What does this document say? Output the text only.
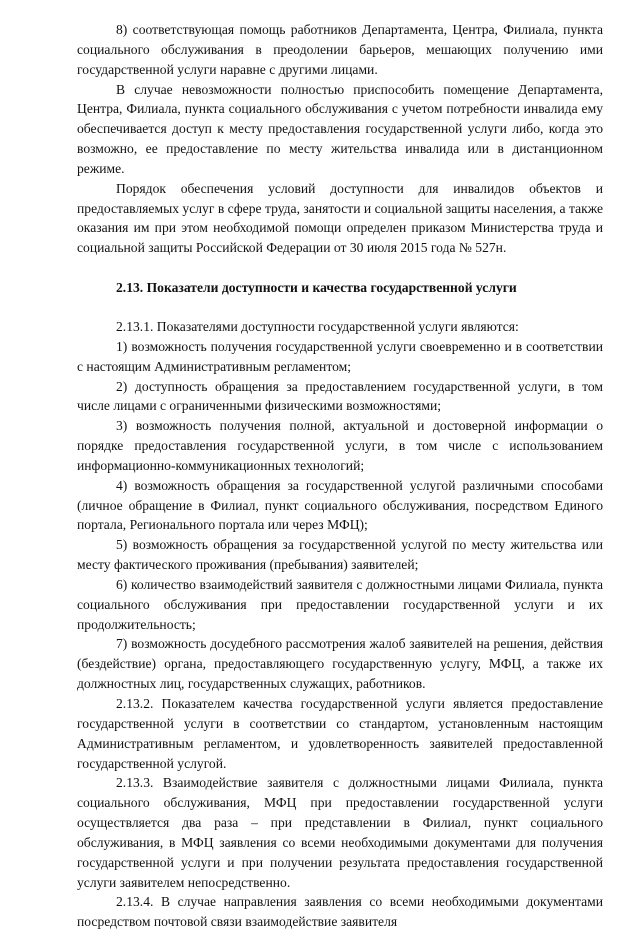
8) соответствующая помощь работников Департамента, Центра, Филиала, пункта социального обслуживания в преодолении барьеров, мешающих получению ими государственной услуги наравне с другими лицами.

В случае невозможности полностью приспособить помещение Департамента, Центра, Филиала, пункта социального обслуживания с учетом потребности инвалида ему обеспечивается доступ к месту предоставления государственной услуги либо, когда это возможно, ее предоставление по месту жительства инвалида или в дистанционном режиме.

Порядок обеспечения условий доступности для инвалидов объектов и предоставляемых услуг в сфере труда, занятости и социальной защиты населения, а также оказания им при этом необходимой помощи определен приказом Министерства труда и социальной защиты Российской Федерации от 30 июля 2015 года № 527н.

2.13. Показатели доступности и качества государственной услуги

2.13.1. Показателями доступности государственной услуги являются:

1) возможность получения государственной услуги своевременно и в соответствии с настоящим Административным регламентом;

2) доступность обращения за предоставлением государственной услуги, в том числе лицами с ограниченными физическими возможностями;

3) возможность получения полной, актуальной и достоверной информации о порядке предоставления государственной услуги, в том числе с использованием информационно-коммуникационных технологий;

4) возможность обращения за государственной услугой различными способами (личное обращение в Филиал, пункт социального обслуживания, посредством Единого портала, Регионального портала или через МФЦ);

5) возможность обращения за государственной услугой по месту жительства или месту фактического проживания (пребывания) заявителей;

6) количество взаимодействий заявителя с должностными лицами Филиала, пункта социального обслуживания при предоставлении государственной услуги и их продолжительность;

7) возможность досудебного рассмотрения жалоб заявителей на решения, действия (бездействие) органа, предоставляющего государственную услугу, МФЦ, а также их должностных лиц, государственных служащих, работников.

2.13.2. Показателем качества государственной услуги является предоставление государственной услуги в соответствии со стандартом, установленным настоящим Административным регламентом, и удовлетворенность заявителей предоставленной государственной услугой.

2.13.3. Взаимодействие заявителя с должностными лицами Филиала, пункта социального обслуживания, МФЦ при предоставлении государственной услуги осуществляется два раза – при представлении в Филиал, пункт социального обслуживания, в МФЦ заявления со всеми необходимыми документами для получения государственной услуги и при получении результата предоставления государственной услуги заявителем непосредственно.

2.13.4. В случае направления заявления со всеми необходимыми документами посредством почтовой связи взаимодействие заявителя
